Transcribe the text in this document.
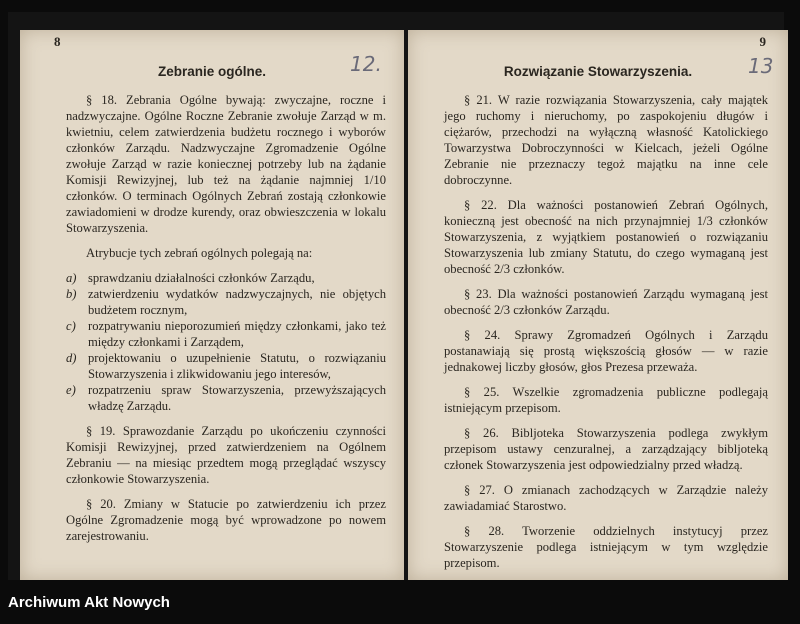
8
12.
Zebranie ogólne.

§ 18. Zebrania Ogólne bywają: zwyczajne, roczne i nadzwyczajne. Ogólne Roczne Zebranie zwołuje Zarząd w m. kwietniu, celem zatwierdzenia budżetu rocznego i wyborów członków Zarządu. Nadzwyczajne Zgromadzenie Ogólne zwołuje Zarząd w razie koniecznej potrzeby lub na żądanie Komisji Rewizyjnej, lub też na żądanie najmniej 1/10 członków. O terminach Ogólnych Zebrań zostają członkowie zawiadomieni w drodze kurendy, oraz obwieszczenia w lokalu Stowarzyszenia.

Atrybucje tych zebrań ogólnych polegają na:

a) sprawdzaniu działalności członków Zarządu,
b) zatwierdzeniu wydatków nadzwyczajnych, nie objętych budżetem rocznym,
c) rozpatrywaniu nieporozumień między członkami, jako też między członkami i Zarządem,
d) projektowaniu o uzupełnienie Statutu, o rozwiązaniu Stowarzyszenia i zlikwidowaniu jego interesów,
e) rozpatrzeniu spraw Stowarzyszenia, przewyższających władzę Zarządu.

§ 19. Sprawozdanie Zarządu po ukończeniu czynności Komisji Rewizyjnej, przed zatwierdzeniem na Ogólnem Zebraniu — na miesiąc przedtem mogą przeglądać wszyscy członkowie Stowarzyszenia.

§ 20. Zmiany w Statucie po zatwierdzeniu ich przez Ogólne Zgromadzenie mogą być wprowadzone po nowem zarejestrowaniu.

9
13
Rozwiązanie Stowarzyszenia.

§ 21. W razie rozwiązania Stowarzyszenia, cały majątek jego ruchomy i nieruchomy, po zaspokojeniu długów i ciężarów, przechodzi na wyłączną własność Katolickiego Towarzystwa Dobroczynności w Kielcach, jeżeli Ogólne Zebranie nie przeznaczy tegoż majątku na inne cele dobroczynne.

§ 22. Dla ważności postanowień Zebrań Ogólnych, konieczną jest obecność na nich przynajmniej 1/3 członków Stowarzyszenia, z wyjątkiem postanowień o rozwiązaniu Stowarzyszenia lub zmiany Statutu, do czego wymaganą jest obecność 2/3 członków.

§ 23. Dla ważności postanowień Zarządu wymaganą jest obecność 2/3 członków Zarządu.

§ 24. Sprawy Zgromadzeń Ogólnych i Zarządu postanawiają się prostą większością głosów — w razie jednakowej liczby głosów, głos Prezesa przeważa.

§ 25. Wszelkie zgromadzenia publiczne podlegają istniejącym przepisom.

§ 26. Bibljoteka Stowarzyszenia podlega zwykłym przepisom ustawy cenzuralnej, a zarządzający bibljoteką członek Stowarzyszenia jest odpowiedzialny przed władzą.

§ 27. O zmianach zachodzących w Zarządzie należy zawiadamiać Starostwo.

§ 28. Tworzenie oddzielnych instytucyj przez Stowarzyszenie podlega istniejącym w tym względzie przepisom.

Archiwum Akt Nowych
